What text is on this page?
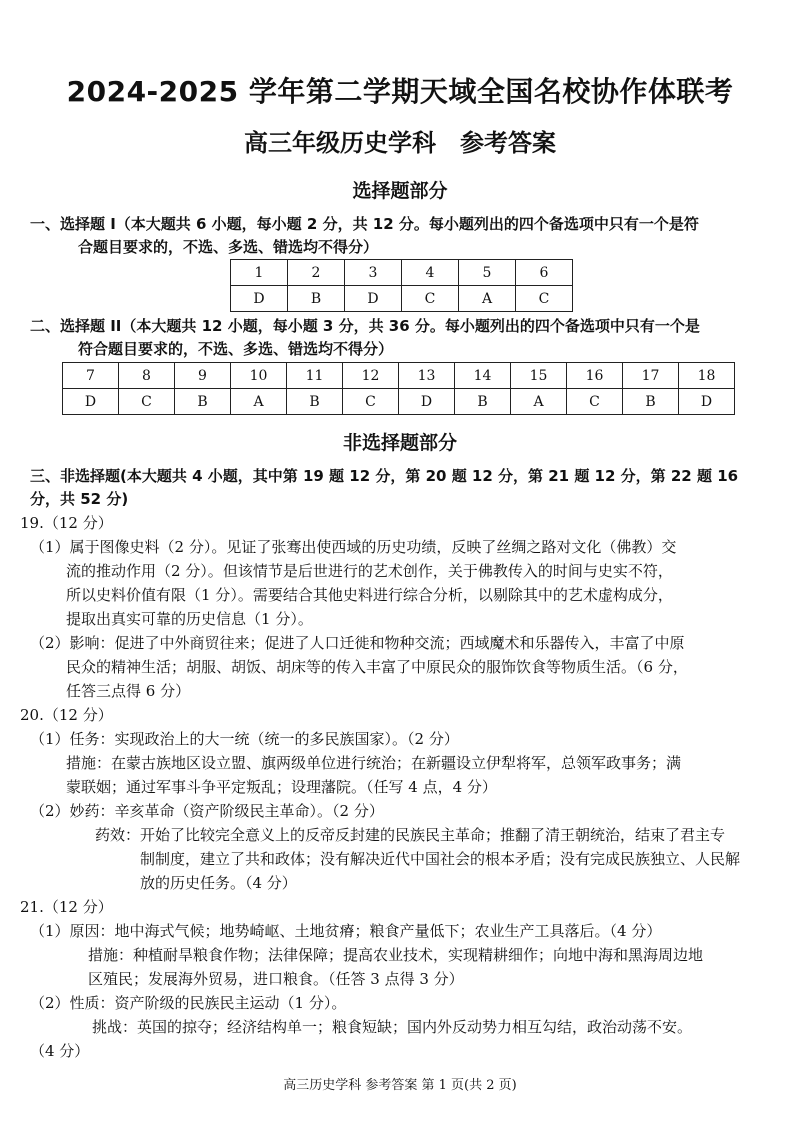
2024-2025 学年第二学期天域全国名校协作体联考
高三年级历史学科　参考答案
选择题部分
一、选择题 I（本大题共 6 小题，每小题 2 分，共 12 分。每小题列出的四个备选项中只有一个是符
合题目要求的，不选、多选、错选均不得分）
1	2	3	4	5	6
D	B	D	C	A	C
二、选择题 II（本大题共 12 小题，每小题 3 分，共 36 分。每小题列出的四个备选项中只有一个是
符合题目要求的，不选、多选、错选均不得分）
7	8	9	10	11	12	13	14	15	16	17	18
D	C	B	A	B	C	D	B	A	C	B	D
非选择题部分
三、非选择题(本大题共 4 小题，其中第 19 题 12 分，第 20 题 12 分，第 21 题 12 分，第 22 题 16
分，共 52 分)
19.（12 分）
（1）属于图像史料（2 分）。见证了张骞出使西域的历史功绩，反映了丝绸之路对文化（佛教）交
流的推动作用（2 分）。但该情节是后世进行的艺术创作，关于佛教传入的时间与史实不符，
所以史料价值有限（1 分）。需要结合其他史料进行综合分析，以剔除其中的艺术虚构成分，
提取出真实可靠的历史信息（1 分）。
（2）影响：促进了中外商贸往来；促进了人口迁徙和物种交流；西域魔术和乐器传入，丰富了中原
民众的精神生活；胡服、胡饭、胡床等的传入丰富了中原民众的服饰饮食等物质生活。（6 分，
任答三点得 6 分）
20.（12 分）
（1）任务：实现政治上的大一统（统一的多民族国家）。（2 分）
措施：在蒙古族地区设立盟、旗两级单位进行统治；在新疆设立伊犁将军，总领军政事务；满
蒙联姻；通过军事斗争平定叛乱；设理藩院。（任写 4 点，4 分）
（2）妙药：辛亥革命（资产阶级民主革命）。（2 分）
药效：开始了比较完全意义上的反帝反封建的民族民主革命；推翻了清王朝统治，结束了君主专
制制度，建立了共和政体；没有解决近代中国社会的根本矛盾；没有完成民族独立、人民解
放的历史任务。（4 分）
21.（12 分）
（1）原因：地中海式气候；地势崎岖、土地贫瘠；粮食产量低下；农业生产工具落后。（4 分）
措施：种植耐旱粮食作物；法律保障；提高农业技术，实现精耕细作；向地中海和黑海周边地
区殖民；发展海外贸易，进口粮食。（任答 3 点得 3 分）
（2）性质：资产阶级的民族民主运动（1 分）。
挑战：英国的掠夺；经济结构单一；粮食短缺；国内外反动势力相互勾结，政治动荡不安。
（4 分）
高三历史学科 参考答案 第 1 页(共 2 页)
